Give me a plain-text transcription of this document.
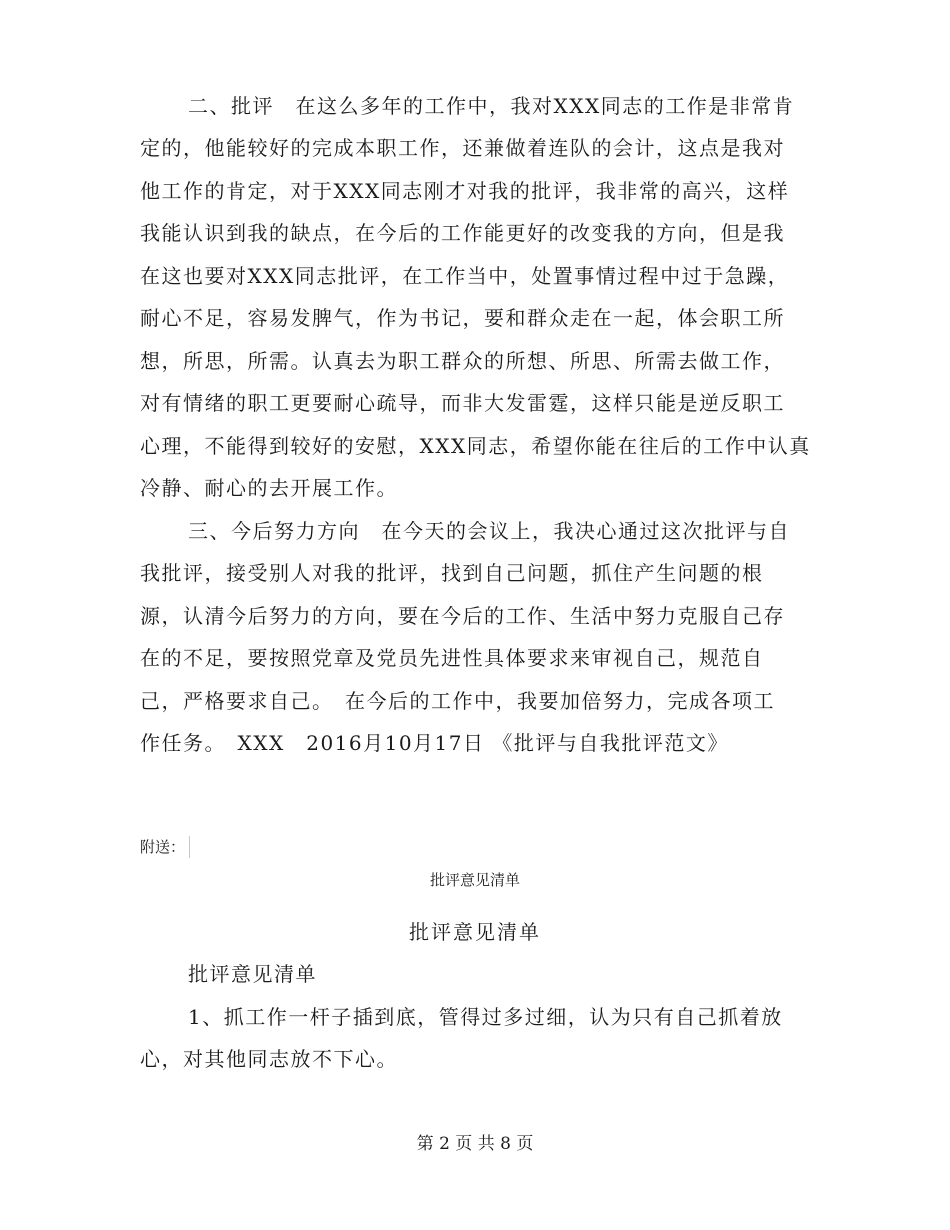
二、批评　在这么多年的工作中，我对XXX同志的工作是非常肯
定的，他能较好的完成本职工作，还兼做着连队的会计，这点是我对
他工作的肯定，对于XXX同志刚才对我的批评，我非常的高兴，这样
我能认识到我的缺点，在今后的工作能更好的改变我的方向，但是我
在这也要对XXX同志批评，在工作当中，处置事情过程中过于急躁，
耐心不足，容易发脾气，作为书记，要和群众走在一起，体会职工所
想，所思，所需。认真去为职工群众的所想、所思、所需去做工作，
对有情绪的职工更要耐心疏导，而非大发雷霆，这样只能是逆反职工
心理，不能得到较好的安慰，XXX同志，希望你能在往后的工作中认真
冷静、耐心的去开展工作。
三、今后努力方向　在今天的会议上，我决心通过这次批评与自
我批评，接受别人对我的批评，找到自己问题，抓住产生问题的根
源，认清今后努力的方向，要在今后的工作、生活中努力克服自己存
在的不足，要按照党章及党员先进性具体要求来审视自己，规范自
己，严格要求自己。　在今后的工作中，我要加倍努力，完成各项工
作任务。　XXX　2016月10月17日 《批评与自我批评范文》
附送：
批评意见清单
批评意见清单
批评意见清单
1、抓工作一杆子插到底，管得过多过细，认为只有自己抓着放
心，对其他同志放不下心。
第 2 页 共 8 页
